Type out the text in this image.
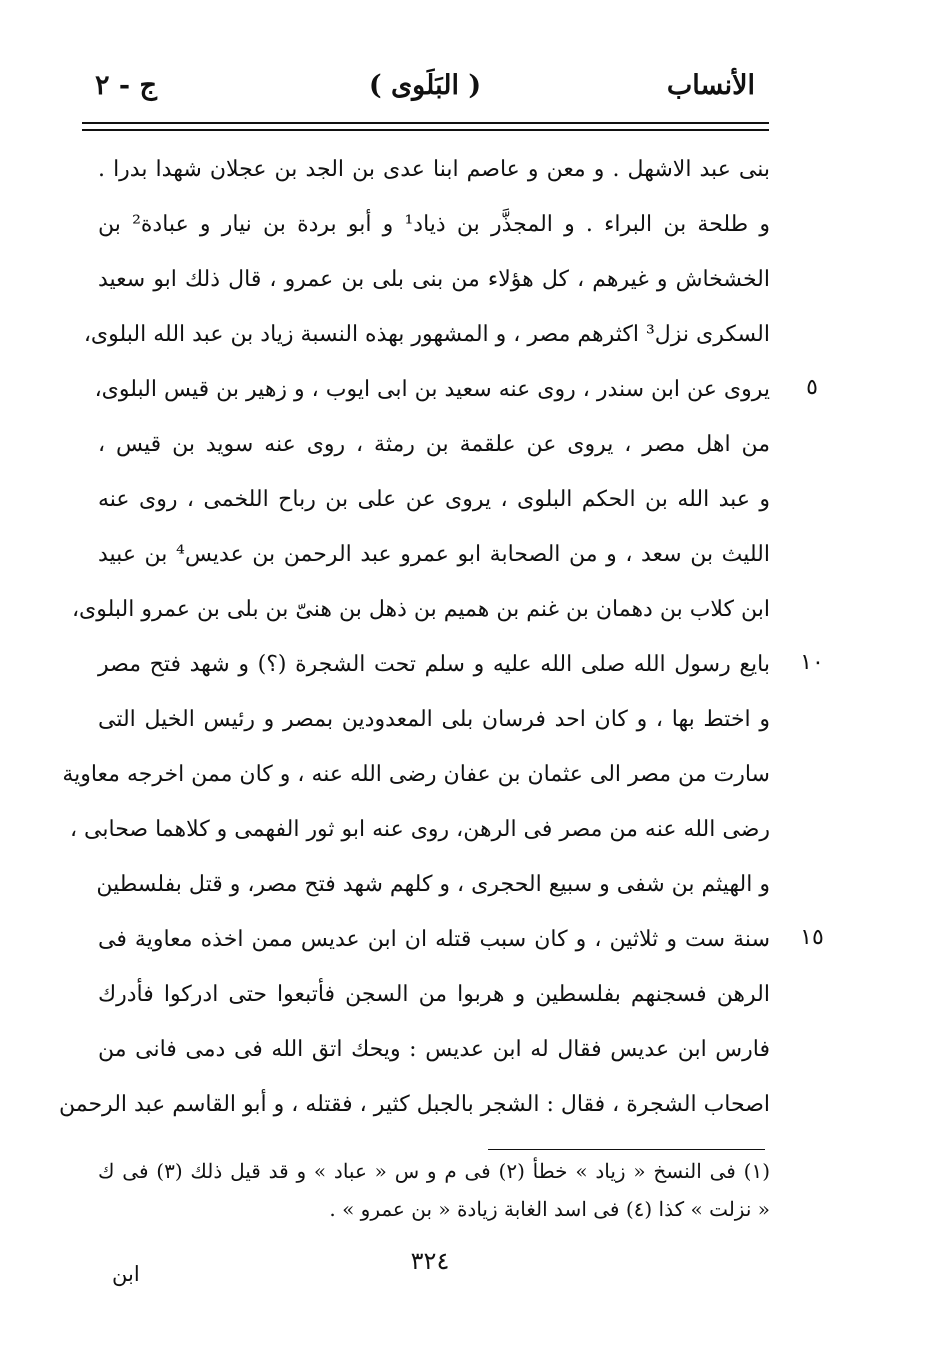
الأنساب
( البَلَوى )
ج - ٢
بنى عبد الاشهل . و معن و عاصم ابنا عدى بن الجد بن عجلان شهدا بدرا .
و طلحة بن البراء . و المجذَّر بن ذياد¹ و أبو بردة بن نيار و عبادة² بن
الخشخاش و غيرهم ، كل هؤلاء من بنى بلى بن عمرو ، قال ذلك ابو سعيد
السكرى نزل³ اكثرهم مصر ، و المشهور بهذه النسبة زياد بن عبد الله البلوى،
يروى عن ابن سندر ، روى عنه سعيد بن ابى ايوب ، و زهير بن قيس البلوى،
من اهل مصر ، يروى عن علقمة بن رمثة ، روى عنه سويد بن قيس ،
و عبد الله بن الحكم البلوى ، يروى عن على بن رباح اللخمى ، روى عنه
الليث بن سعد ، و من الصحابة ابو عمرو عبد الرحمن بن عديس⁴ بن عبيد
ابن كلاب بن دهمان بن غنم بن هميم بن ذهل بن هنىّ بن بلى بن عمرو البلوى،
بايع رسول الله صلى الله عليه و سلم تحت الشجرة (؟) و شهد فتح مصر
و اختط بها ، و كان احد فرسان بلى المعدودين بمصر و رئيس الخيل التى
سارت من مصر الى عثمان بن عفان رضى الله عنه ، و كان ممن اخرجه معاوية
رضى الله عنه من مصر فى الرهن، روى عنه ابو ثور الفهمى و كلاهما صحابى ،
و الهيثم بن شفى و سبيع الحجرى ، و كلهم شهد فتح مصر، و قتل بفلسطين
سنة ست و ثلاثين ، و كان سبب قتله ان ابن عديس ممن اخذه معاوية فى
الرهن فسجنهم بفلسطين و هربوا من السجن فأتبعوا حتى ادركوا فأدرك
فارس ابن عديس فقال له ابن عديس : ويحك اتق الله فى دمى فانى من
اصحاب الشجرة ، فقال : الشجر بالجبل كثير ، فقتله ، و أبو القاسم عبد الرحمن
٥
١٠
١٥
(١) فى النسخ « زياد » خطأ (٢) فى م و س « عباد » و قد قيل ذلك (٣) فى ك
« نزلت » كذا (٤) فى اسد الغابة زيادة « بن عمرو » .
٣٢٤
ابن
